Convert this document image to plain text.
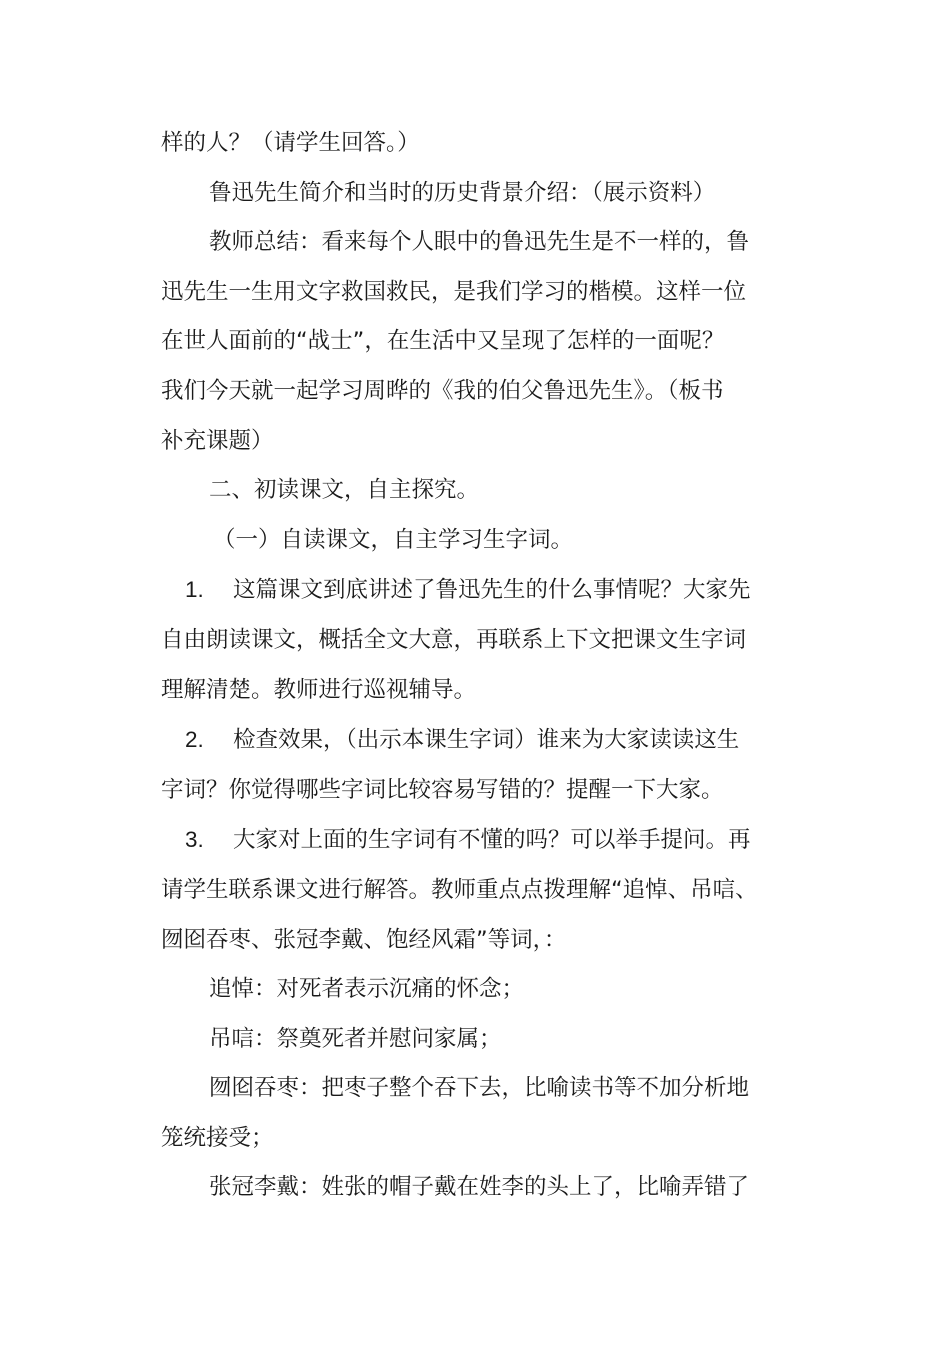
样的人？（请学生回答。）

鲁迅先生简介和当时的历史背景介绍：（展示资料）

教师总结：看来每个人眼中的鲁迅先生是不一样的，鲁

迅先生一生用文字救国救民，是我们学习的楷模。这样一位

在世人面前的“战士”，在生活中又呈现了怎样的一面呢？

我们今天就一起学习周晔的《我的伯父鲁迅先生》。（板书

补充课题）

二、初读课文，自主探究。

（一）自读课文，自主学习生字词。

1. 这篇课文到底讲述了鲁迅先生的什么事情呢？大家先

自由朗读课文，概括全文大意，再联系上下文把课文生字词

理解清楚。教师进行巡视辅导。

2. 检查效果，（出示本课生字词）谁来为大家读读这生

字词？你觉得哪些字词比较容易写错的？提醒一下大家。

3. 大家对上面的生字词有不懂的吗？可以举手提问。再

请学生联系课文进行解答。教师重点点拨理解“追悼、吊唁、

囫囵吞枣、张冠李戴、饱经风霜”等词，：

追悼：对死者表示沉痛的怀念；

吊唁：祭奠死者并慰问家属；

囫囵吞枣：把枣子整个吞下去，比喻读书等不加分析地

笼统接受；

张冠李戴：姓张的帽子戴在姓李的头上了，比喻弄错了
